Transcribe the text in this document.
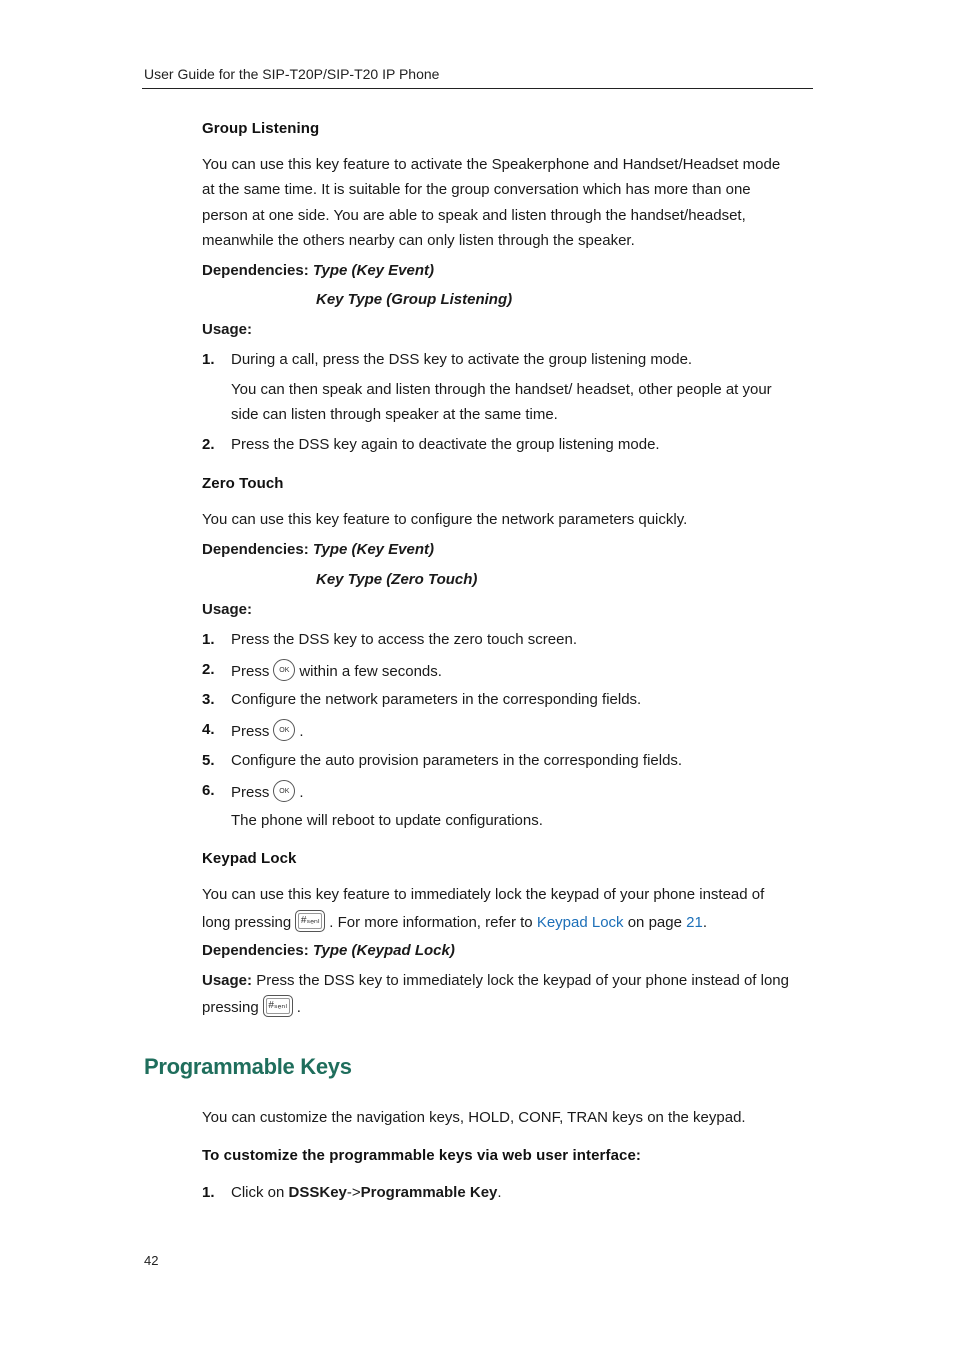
User Guide for the SIP-T20P/SIP-T20 IP Phone
Group Listening
You can use this key feature to activate the Speakerphone and Handset/Headset mode
at the same time. It is suitable for the group conversation which has more than one
person at one side. You are able to speak and listen through the handset/headset,
meanwhile the others nearby can only listen through the speaker.
Dependencies: Type (Key Event)
Key Type (Group Listening)
Usage:
1. During a call, press the DSS key to activate the group listening mode.
You can then speak and listen through the handset/ headset, other people at your
side can listen through speaker at the same time.
2. Press the DSS key again to deactivate the group listening mode.
Zero Touch
You can use this key feature to configure the network parameters quickly.
Dependencies: Type (Key Event)
Key Type (Zero Touch)
Usage:
1. Press the DSS key to access the zero touch screen.
2. Press OK within a few seconds.
3. Configure the network parameters in the corresponding fields.
4. Press OK .
5. Configure the auto provision parameters in the corresponding fields.
6. Press OK .
The phone will reboot to update configurations.
Keypad Lock
You can use this key feature to immediately lock the keypad of your phone instead of
long pressing #ₛₑₙₗ . For more information, refer to Keypad Lock on page 21.
Dependencies: Type (Keypad Lock)
Usage: Press the DSS key to immediately lock the keypad of your phone instead of long
pressing #ₛₑₙₗ .
Programmable Keys
You can customize the navigation keys, HOLD, CONF, TRAN keys on the keypad.
To customize the programmable keys via web user interface:
1. Click on DSSKey->Programmable Key.
42
